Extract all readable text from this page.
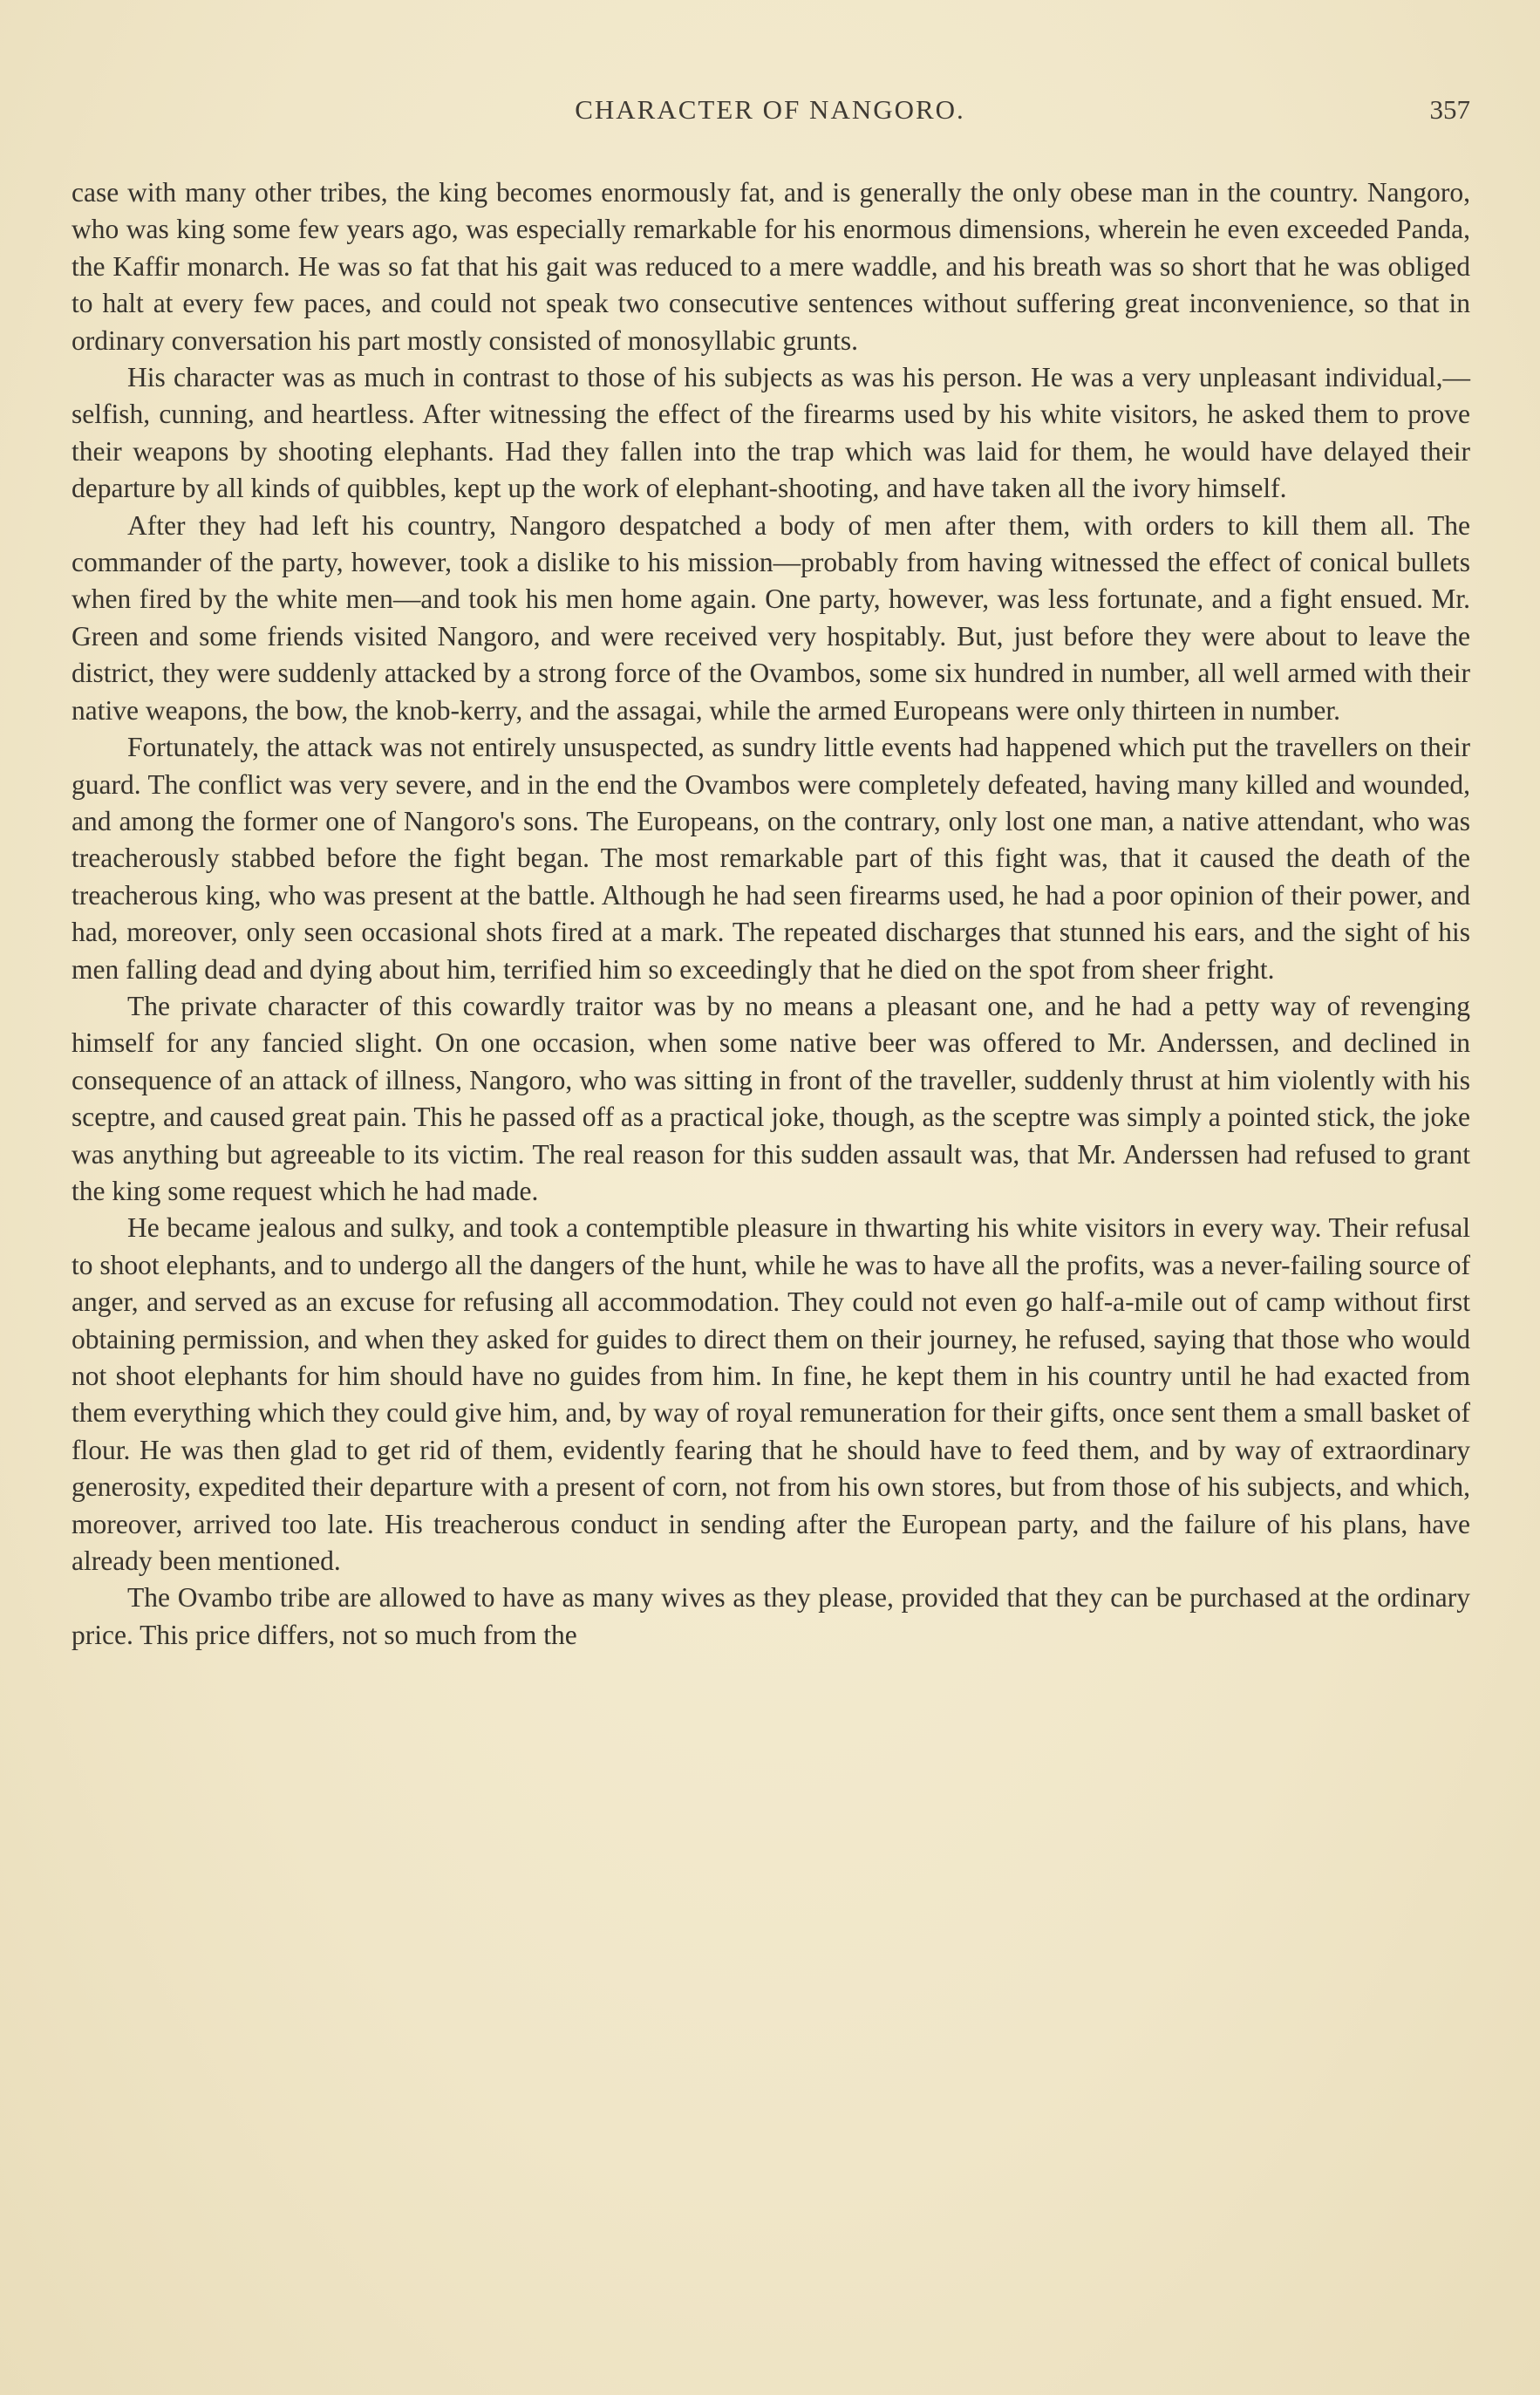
CHARACTER OF NANGORO.	357

case with many other tribes, the king becomes enormously fat, and is generally the only obese man in the country. Nangoro, who was king some few years ago, was especially remarkable for his enormous dimensions, wherein he even exceeded Panda, the Kaffir monarch. He was so fat that his gait was reduced to a mere waddle, and his breath was so short that he was obliged to halt at every few paces, and could not speak two consecutive sentences without suffering great inconvenience, so that in ordinary conversation his part mostly consisted of monosyllabic grunts.

His character was as much in contrast to those of his subjects as was his person. He was a very unpleasant individual,—selfish, cunning, and heartless. After witnessing the effect of the firearms used by his white visitors, he asked them to prove their weapons by shooting elephants. Had they fallen into the trap which was laid for them, he would have delayed their departure by all kinds of quibbles, kept up the work of elephant-shooting, and have taken all the ivory himself.

After they had left his country, Nangoro despatched a body of men after them, with orders to kill them all. The commander of the party, however, took a dislike to his mission—probably from having witnessed the effect of conical bullets when fired by the white men—and took his men home again. One party, however, was less fortunate, and a fight ensued. Mr. Green and some friends visited Nangoro, and were received very hospitably. But, just before they were about to leave the district, they were suddenly attacked by a strong force of the Ovambos, some six hundred in number, all well armed with their native weapons, the bow, the knob-kerry, and the assagai, while the armed Europeans were only thirteen in number.

Fortunately, the attack was not entirely unsuspected, as sundry little events had happened which put the travellers on their guard. The conflict was very severe, and in the end the Ovambos were completely defeated, having many killed and wounded, and among the former one of Nangoro's sons. The Europeans, on the contrary, only lost one man, a native attendant, who was treacherously stabbed before the fight began. The most remarkable part of this fight was, that it caused the death of the treacherous king, who was present at the battle. Although he had seen firearms used, he had a poor opinion of their power, and had, moreover, only seen occasional shots fired at a mark. The repeated discharges that stunned his ears, and the sight of his men falling dead and dying about him, terrified him so exceedingly that he died on the spot from sheer fright.

The private character of this cowardly traitor was by no means a pleasant one, and he had a petty way of revenging himself for any fancied slight. On one occasion, when some native beer was offered to Mr. Anderssen, and declined in consequence of an attack of illness, Nangoro, who was sitting in front of the traveller, suddenly thrust at him violently with his sceptre, and caused great pain. This he passed off as a practical joke, though, as the sceptre was simply a pointed stick, the joke was anything but agreeable to its victim. The real reason for this sudden assault was, that Mr. Anderssen had refused to grant the king some request which he had made.

He became jealous and sulky, and took a contemptible pleasure in thwarting his white visitors in every way. Their refusal to shoot elephants, and to undergo all the dangers of the hunt, while he was to have all the profits, was a never-failing source of anger, and served as an excuse for refusing all accommodation. They could not even go half-a-mile out of camp without first obtaining permission, and when they asked for guides to direct them on their journey, he refused, saying that those who would not shoot elephants for him should have no guides from him. In fine, he kept them in his country until he had exacted from them everything which they could give him, and, by way of royal remuneration for their gifts, once sent them a small basket of flour. He was then glad to get rid of them, evidently fearing that he should have to feed them, and by way of extraordinary generosity, expedited their departure with a present of corn, not from his own stores, but from those of his subjects, and which, moreover, arrived too late. His treacherous conduct in sending after the European party, and the failure of his plans, have already been mentioned.

The Ovambo tribe are allowed to have as many wives as they please, provided that they can be purchased at the ordinary price. This price differs, not so much from the
